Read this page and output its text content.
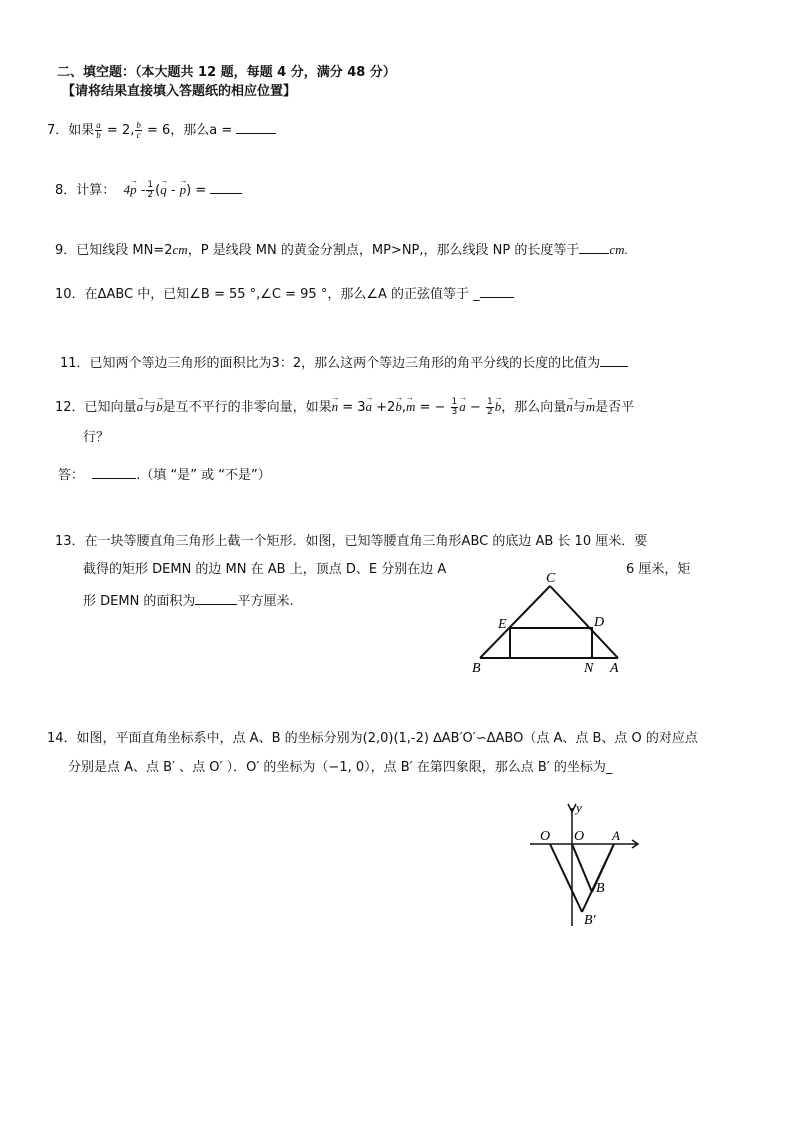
二、填空题：（本大题共 12 题，每题 4 分，满分 48 分）
【请将结果直接填入答题纸的相应位置】
7．如果 $\frac{a}{b} = 2$, $\frac{b}{c} = 6$，那么a =
8．计算： $4\to p - \frac{1}{2}$ (→ q - → p) =
9．已知线段 MN=2cm，P 是线段 MN 的黄金分割点，MP>NP,，那么线段 NP 的长度等于 cm.
10．在ΔABC 中，已知∠B = 55 °,∠C = 95 °，那么∠A 的正弦值等于 _
11．已知两个等边三角形的面积比为3：2，那么这两个等边三角形的角平分线的长度的比值为
12．已知向量→ a与→ b是互不平行的非零向量，如果→ n = 3→ a +2→ b,→ m = − $\frac{1}{3}$
→ $a - \frac{1}{2}$
→ b，那么向量→ n与→ m是否平
行？
答：	.（填 “是” 或 “不是”）
13．在一块等腰直角三角形上截一个矩形．如图，已知等腰直角三角形ABC 的底边 AB 长 10 厘米．要
截得的矩形 DEMN 的边 MN 在 AB 上，顶点 D、E 分别在边 A	6 厘米，矩
形 DEMN 的面积为	平方厘米.
C
E	D
B	N A
14．如图，平面直角坐标系中，点 A、B 的坐标分别为(2,0)(1,-2) ∆AB′O′∽ΔABO（点 A、点 B、点 O 的对应点
分别是点 A、点 B′ 、点 O′ ）．O′ 的坐标为（−1, 0），点 B′ 在第四象限，那么点 B′ 的坐标为_
y
O O A
B
B'
